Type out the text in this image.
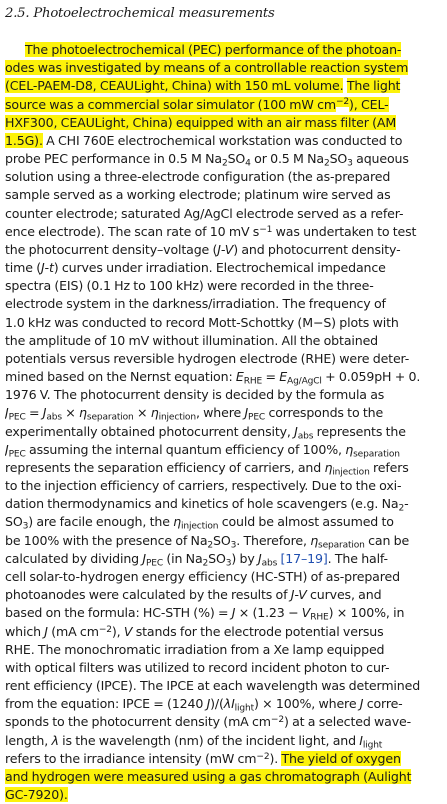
2.5. Photoelectrochemical measurements
The photoelectrochemical (PEC) performance of the photoan-
odes was investigated by means of a controllable reaction system
(CEL-PAEM-D8, CEAULight, China) with 150 mL volume. The light
source was a commercial solar simulator (100 mW $cm^{-2}$), CEL-
HXF300, CEAULight, China) equipped with an air mass filter (AM
1.5G). A CHI 760E electrochemical workstation was conducted to
probe PEC performance in 0.5 M $Na_2SO_4$ or 0.5 M $Na_2SO_3$ aqueous
solution using a three-electrode configuration (the as-prepared
sample served as a working electrode; platinum wire served as
counter electrode; saturated Ag/AgCl electrode served as a refer-
ence electrode). The scan rate of 10 mV $s^{-1}$ was undertaken to test
the photocurrent density–voltage (J-V) and photocurrent density-
time (J-t) curves under irradiation. Electrochemical impedance
spectra (EIS) (0.1 Hz to 100 kHz) were recorded in the three-
electrode system in the darkness/irradiation. The frequency of
1.0 kHz was conducted to record Mott-Schottky (M−S) plots with
the amplitude of 10 mV without illumination. All the obtained
potentials versus reversible hydrogen electrode (RHE) were deter-
mined based on the Nernst equation: $E_{RHE} = E_{Ag/AgCl} + 0.059pH + 0$.
1976 V. The photocurrent density is decided by the formula as
$J_{PEC} = J_{abs} \times \eta_{separation} \times \eta_{injection}$, where $J_{PEC}$ corresponds to the
experimentally obtained photocurrent density, $J_{abs}$ represents the
$J_{PEC}$ assuming the internal quantum efficiency of 100%, $\eta_{separation}$
represents the separation efficiency of carriers, and $\eta_{injection}$ refers
to the injection efficiency of carriers, respectively. Due to the oxi-
dation thermodynamics and kinetics of hole scavengers (e.g. $Na_2-$
$SO_3$) are facile enough, the $\eta_{injection}$ could be almost assumed to
be 100% with the presence of $Na_2SO_3$. Therefore, $\eta_{separation}$ can be
calculated by dividing $J_{PEC}$ (in $Na_2SO_3$) by $J_{abs}$ [17–19]. The half-
cell solar-to-hydrogen energy efficiency (HC-STH) of as-prepared
photoanodes were calculated by the results of J-V curves, and
based on the formula: HC-STH (%) = $J \times (1.23 - V_{RHE}) \times 100\%$, in
which J (mA $cm^{-2}$), V stands for the electrode potential versus
RHE. The monochromatic irradiation from a Xe lamp equipped
with optical filters was utilized to record incident photon to cur-
rent efficiency (IPCE). The IPCE at each wavelength was determined
from the equation: IPCE = (1240 $J)/(\lambda I_{light}) \times 100\%$, where J corre-
sponds to the photocurrent density (mA $cm^{-2}$) at a selected wave-
length, λ is the wavelength (nm) of the incident light, and $I_{light}$
refers to the irradiance intensity (mW $cm^{-2}$). The yield of oxygen
and hydrogen were measured using a gas chromatograph (Aulight
GC-7920).
